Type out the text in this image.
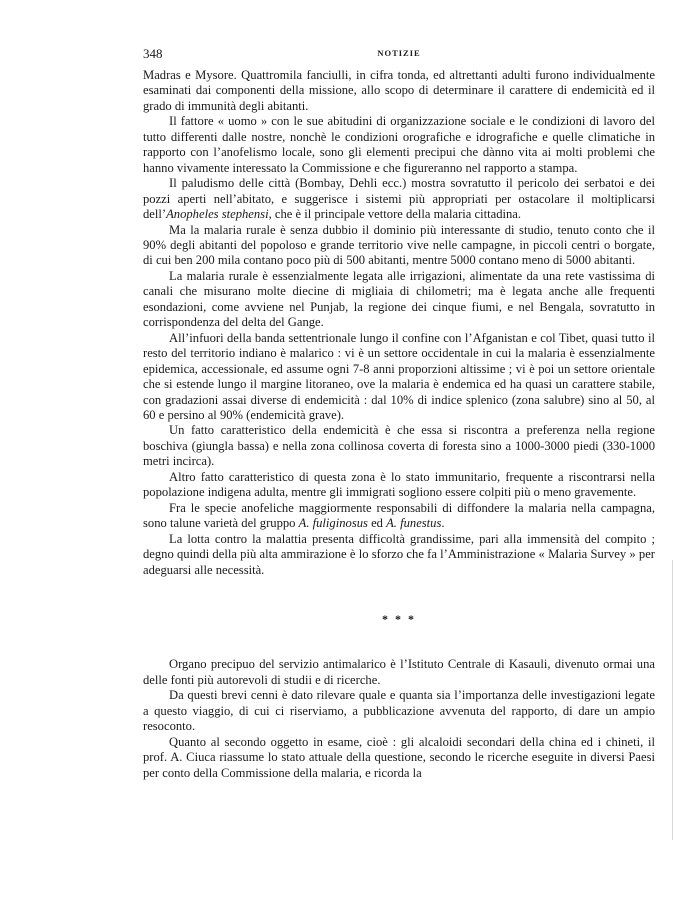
348	NOTIZIE

Madras e Mysore. Quattromila fanciulli, in cifra tonda, ed altrettanti adulti furono individualmente esaminati dai componenti della missione, allo scopo di determinare il carattere di endemicità ed il grado di immunità degli abitanti.

Il fattore « uomo » con le sue abitudini di organizzazione sociale e le condizioni di lavoro del tutto differenti dalle nostre, nonchè le condizioni orografiche e idrografiche e quelle climatiche in rapporto con l’anofelismo locale, sono gli elementi precipui che dànno vita ai molti problemi che hanno vivamente interessato la Commissione e che figureranno nel rapporto a stampa.

Il paludismo delle città (Bombay, Dehli ecc.) mostra sovratutto il pericolo dei serbatoi e dei pozzi aperti nell’abitato, e suggerisce i sistemi più appropriati per ostacolare il moltiplicarsi dell’Anopheles stephensi, che è il principale vettore della malaria cittadina.

Ma la malaria rurale è senza dubbio il dominio più interessante di studio, tenuto conto che il 90% degli abitanti del popoloso e grande territorio vive nelle campagne, in piccoli centri o borgate, di cui ben 200 mila contano poco più di 500 abitanti, mentre 5000 contano meno di 5000 abitanti.

La malaria rurale è essenzialmente legata alle irrigazioni, alimentate da una rete vastissima di canali che misurano molte diecine di migliaia di chilometri; ma è legata anche alle frequenti esondazioni, come avviene nel Punjab, la regione dei cinque fiumi, e nel Bengala, sovratutto in corrispondenza del delta del Gange.

All’infuori della banda settentrionale lungo il confine con l’Afganistan e col Tibet, quasi tutto il resto del territorio indiano è malarico : vi è un settore occidentale in cui la malaria è essenzialmente epidemica, accessionale, ed assume ogni 7-8 anni proporzioni altissime ; vi è poi un settore orientale che si estende lungo il margine litoraneo, ove la malaria è endemica ed ha quasi un carattere stabile, con gradazioni assai diverse di endemicità : dal 10% di indice splenico (zona salubre) sino al 50, al 60 e persino al 90% (endemicità grave).

Un fatto caratteristico della endemicità è che essa si riscontra a preferenza nella regione boschiva (giungla bassa) e nella zona collinosa coverta di foresta sino a 1000-3000 piedi (330-1000 metri incirca).

Altro fatto caratteristico di questa zona è lo stato immunitario, frequente a riscontrarsi nella popolazione indigena adulta, mentre gli immigrati sogliono essere colpiti più o meno gravemente.

Fra le specie anofeliche maggiormente responsabili di diffondere la malaria nella campagna, sono talune varietà del gruppo A. fuliginosus ed A. funestus.

La lotta contro la malattia presenta difficoltà grandissime, pari alla immensità del compito ; degno quindi della più alta ammirazione è lo sforzo che fa l’Amministrazione « Malaria Survey » per adeguarsi alle necessità.

* * *

Organo precipuo del servizio antimalarico è l’Istituto Centrale di Kasauli, divenuto ormai una delle fonti più autorevoli di studii e di ricerche.

Da questi brevi cenni è dato rilevare quale e quanta sia l’importanza delle investigazioni legate a questo viaggio, di cui ci riserviamo, a pubblicazione avvenuta del rapporto, di dare un ampio resoconto.

Quanto al secondo oggetto in esame, cioè : gli alcaloidi secondari della china ed i chineti, il prof. A. Ciuca riassume lo stato attuale della questione, secondo le ricerche eseguite in diversi Paesi per conto della Commissione della malaria, e ricorda la
